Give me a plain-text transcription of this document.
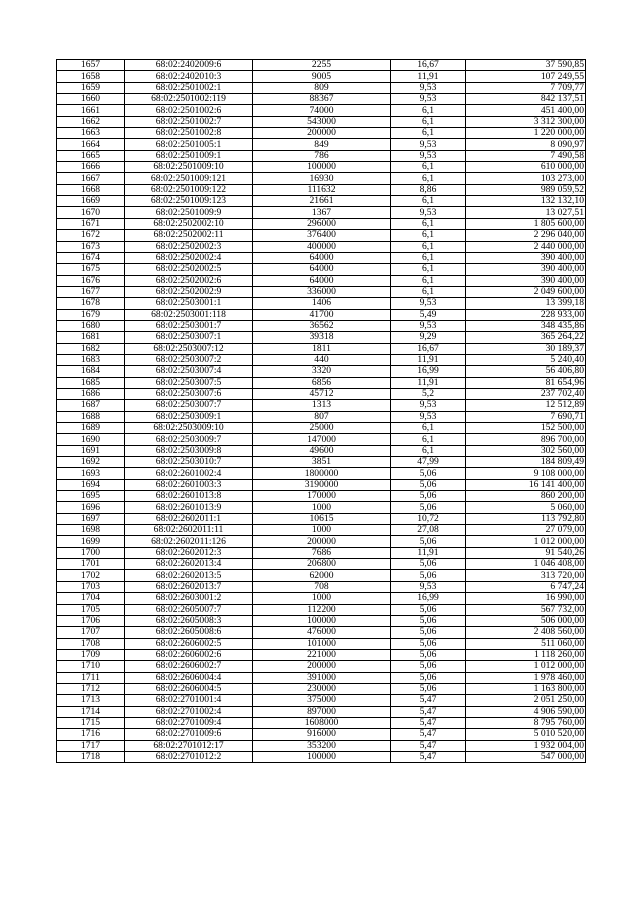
1657	68:02:2402009:6	2255	16,67	37 590,85
1658	68:02:2402010:3	9005	11,91	107 249,55
1659	68:02:2501002:1	809	9,53	7 709,77
1660	68:02:2501002:119	88367	9,53	842 137,51
1661	68:02:2501002:6	74000	6,1	451 400,00
1662	68:02:2501002:7	543000	6,1	3 312 300,00
1663	68:02:2501002:8	200000	6,1	1 220 000,00
1664	68:02:2501005:1	849	9,53	8 090,97
1665	68:02:2501009:1	786	9,53	7 490,58
1666	68:02:2501009:10	100000	6,1	610 000,00
1667	68:02:2501009:121	16930	6,1	103 273,00
1668	68:02:2501009:122	111632	8,86	989 059,52
1669	68:02:2501009:123	21661	6,1	132 132,10
1670	68:02:2501009:9	1367	9,53	13 027,51
1671	68:02:2502002:10	296000	6,1	1 805 600,00
1672	68:02:2502002:11	376400	6,1	2 296 040,00
1673	68:02:2502002:3	400000	6,1	2 440 000,00
1674	68:02:2502002:4	64000	6,1	390 400,00
1675	68:02:2502002:5	64000	6,1	390 400,00
1676	68:02:2502002:6	64000	6,1	390 400,00
1677	68:02:2502002:9	336000	6,1	2 049 600,00
1678	68:02:2503001:1	1406	9,53	13 399,18
1679	68:02:2503001:118	41700	5,49	228 933,00
1680	68:02:2503001:7	36562	9,53	348 435,86
1681	68:02:2503007:1	39318	9,29	365 264,22
1682	68:02:2503007:12	1811	16,67	30 189,37
1683	68:02:2503007:2	440	11,91	5 240,40
1684	68:02:2503007:4	3320	16,99	56 406,80
1685	68:02:2503007:5	6856	11,91	81 654,96
1686	68:02:2503007:6	45712	5,2	237 702,40
1687	68:02:2503007:7	1313	9,53	12 512,89
1688	68:02:2503009:1	807	9,53	7 690,71
1689	68:02:2503009:10	25000	6,1	152 500,00
1690	68:02:2503009:7	147000	6,1	896 700,00
1691	68:02:2503009:8	49600	6,1	302 560,00
1692	68:02:2503010:7	3851	47,99	184 809,49
1693	68:02:2601002:4	1800000	5,06	9 108 000,00
1694	68:02:2601003:3	3190000	5,06	16 141 400,00
1695	68:02:2601013:8	170000	5,06	860 200,00
1696	68:02:2601013:9	1000	5,06	5 060,00
1697	68:02:2602011:1	10615	10,72	113 792,80
1698	68:02:2602011:11	1000	27,08	27 079,00
1699	68:02:2602011:126	200000	5,06	1 012 000,00
1700	68:02:2602012:3	7686	11,91	91 540,26
1701	68:02:2602013:4	206800	5,06	1 046 408,00
1702	68:02:2602013:5	62000	5,06	313 720,00
1703	68:02:2602013:7	708	9,53	6 747,24
1704	68:02:2603001:2	1000	16,99	16 990,00
1705	68:02:2605007:7	112200	5,06	567 732,00
1706	68:02:2605008:3	100000	5,06	506 000,00
1707	68:02:2605008:6	476000	5,06	2 408 560,00
1708	68:02:2606002:5	101000	5,06	511 060,00
1709	68:02:2606002:6	221000	5,06	1 118 260,00
1710	68:02:2606002:7	200000	5,06	1 012 000,00
1711	68:02:2606004:4	391000	5,06	1 978 460,00
1712	68:02:2606004:5	230000	5,06	1 163 800,00
1713	68:02:2701001:4	375000	5,47	2 051 250,00
1714	68:02:2701002:4	897000	5,47	4 906 590,00
1715	68:02:2701009:4	1608000	5,47	8 795 760,00
1716	68:02:2701009:6	916000	5,47	5 010 520,00
1717	68:02:2701012:17	353200	5,47	1 932 004,00
1718	68:02:2701012:2	100000	5,47	547 000,00
